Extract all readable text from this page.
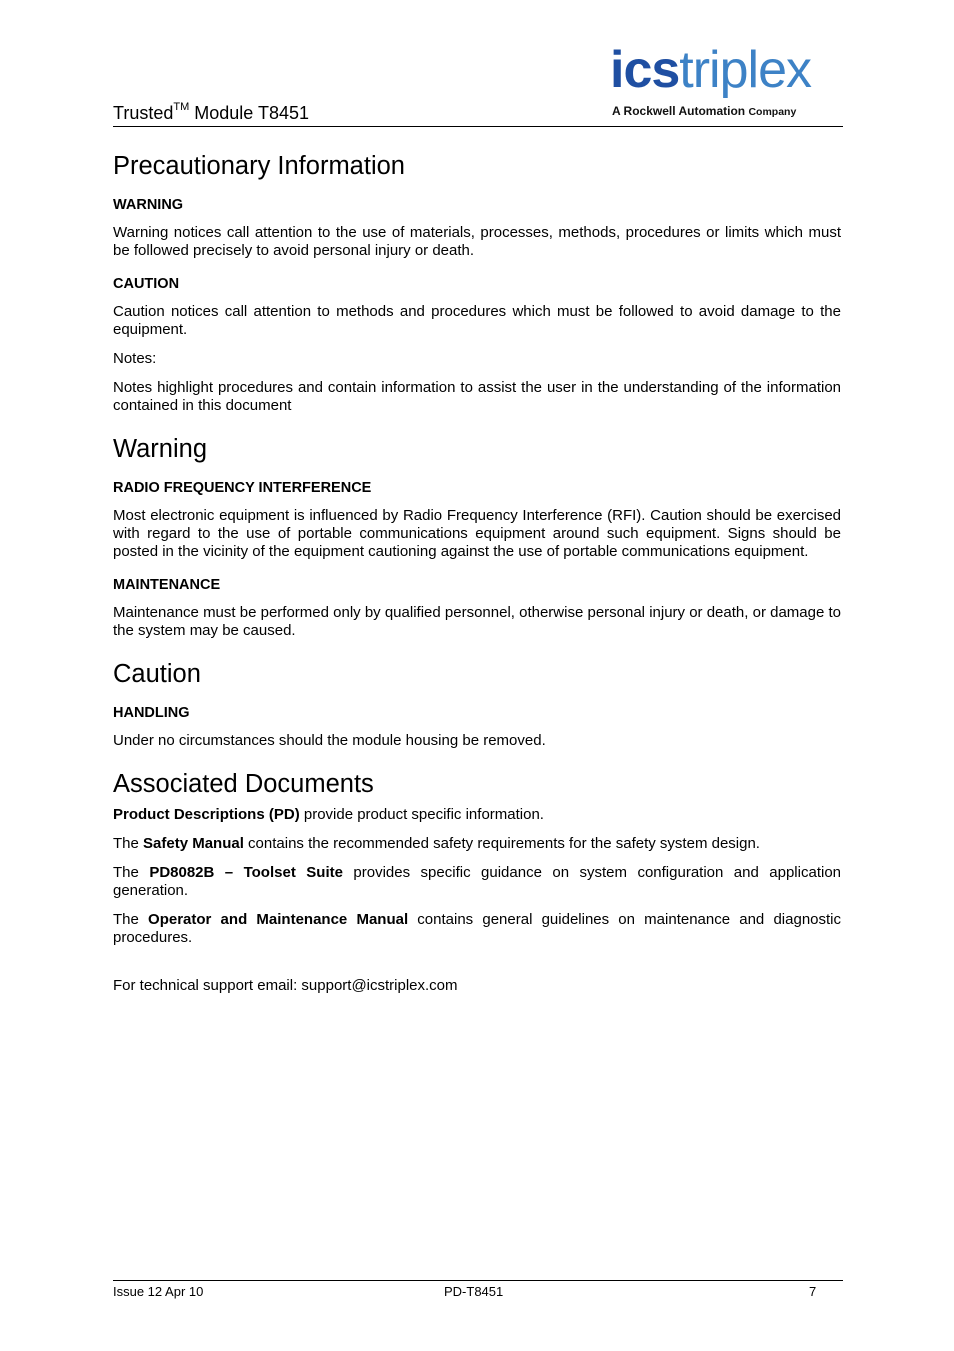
Trusted™ Module T8451
icstriplex
A Rockwell Automation Company
Precautionary Information
WARNING

Warning notices call attention to the use of materials, processes, methods, procedures or limits which must be followed precisely to avoid personal injury or death.

CAUTION

Caution notices call attention to methods and procedures which must be followed to avoid damage to the equipment.

Notes:

Notes highlight procedures and contain information to assist the user in the understanding of the information contained in this document

Warning
RADIO FREQUENCY INTERFERENCE

Most electronic equipment is influenced by Radio Frequency Interference (RFI). Caution should be exercised with regard to the use of portable communications equipment around such equipment. Signs should be posted in the vicinity of the equipment cautioning against the use of portable communications equipment.

MAINTENANCE

Maintenance must be performed only by qualified personnel, otherwise personal injury or death, or damage to the system may be caused.

Caution
HANDLING

Under no circumstances should the module housing be removed.

Associated Documents

Product Descriptions (PD) provide product specific information.

The Safety Manual contains the recommended safety requirements for the safety system design.

The PD8082B – Toolset Suite provides specific guidance on system configuration and application generation.

The Operator and Maintenance Manual contains general guidelines on maintenance and diagnostic procedures.

For technical support email: support@icstriplex.com

Issue 12 Apr 10	PD-T8451	7
